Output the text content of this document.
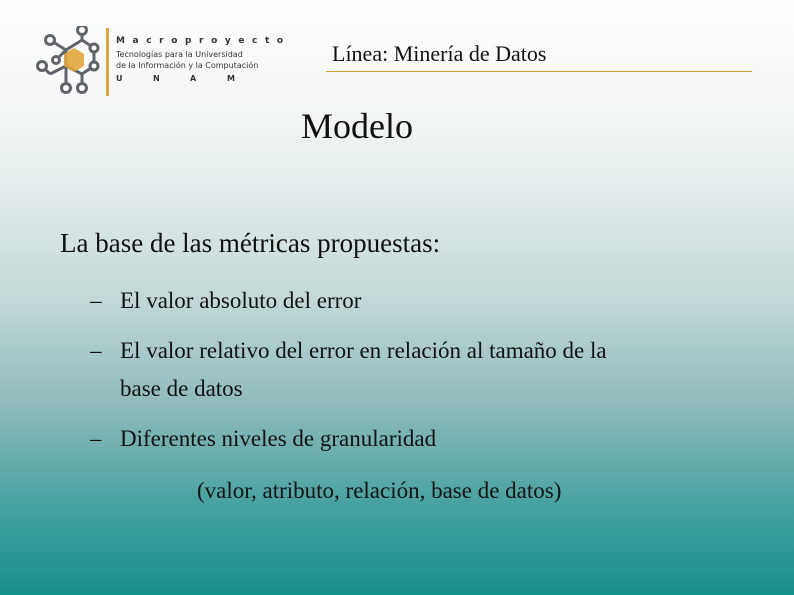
Macroproyecto
Tecnologías para la Universidad
de la Información y la Computación
U	N	A	M
Línea: Minería de Datos
Modelo
La base de las métricas propuestas:
– El valor absoluto del error
– El valor relativo del error en relación al tamaño de la
base de datos
– Diferentes niveles de granularidad
(valor, atributo, relación, base de datos)
